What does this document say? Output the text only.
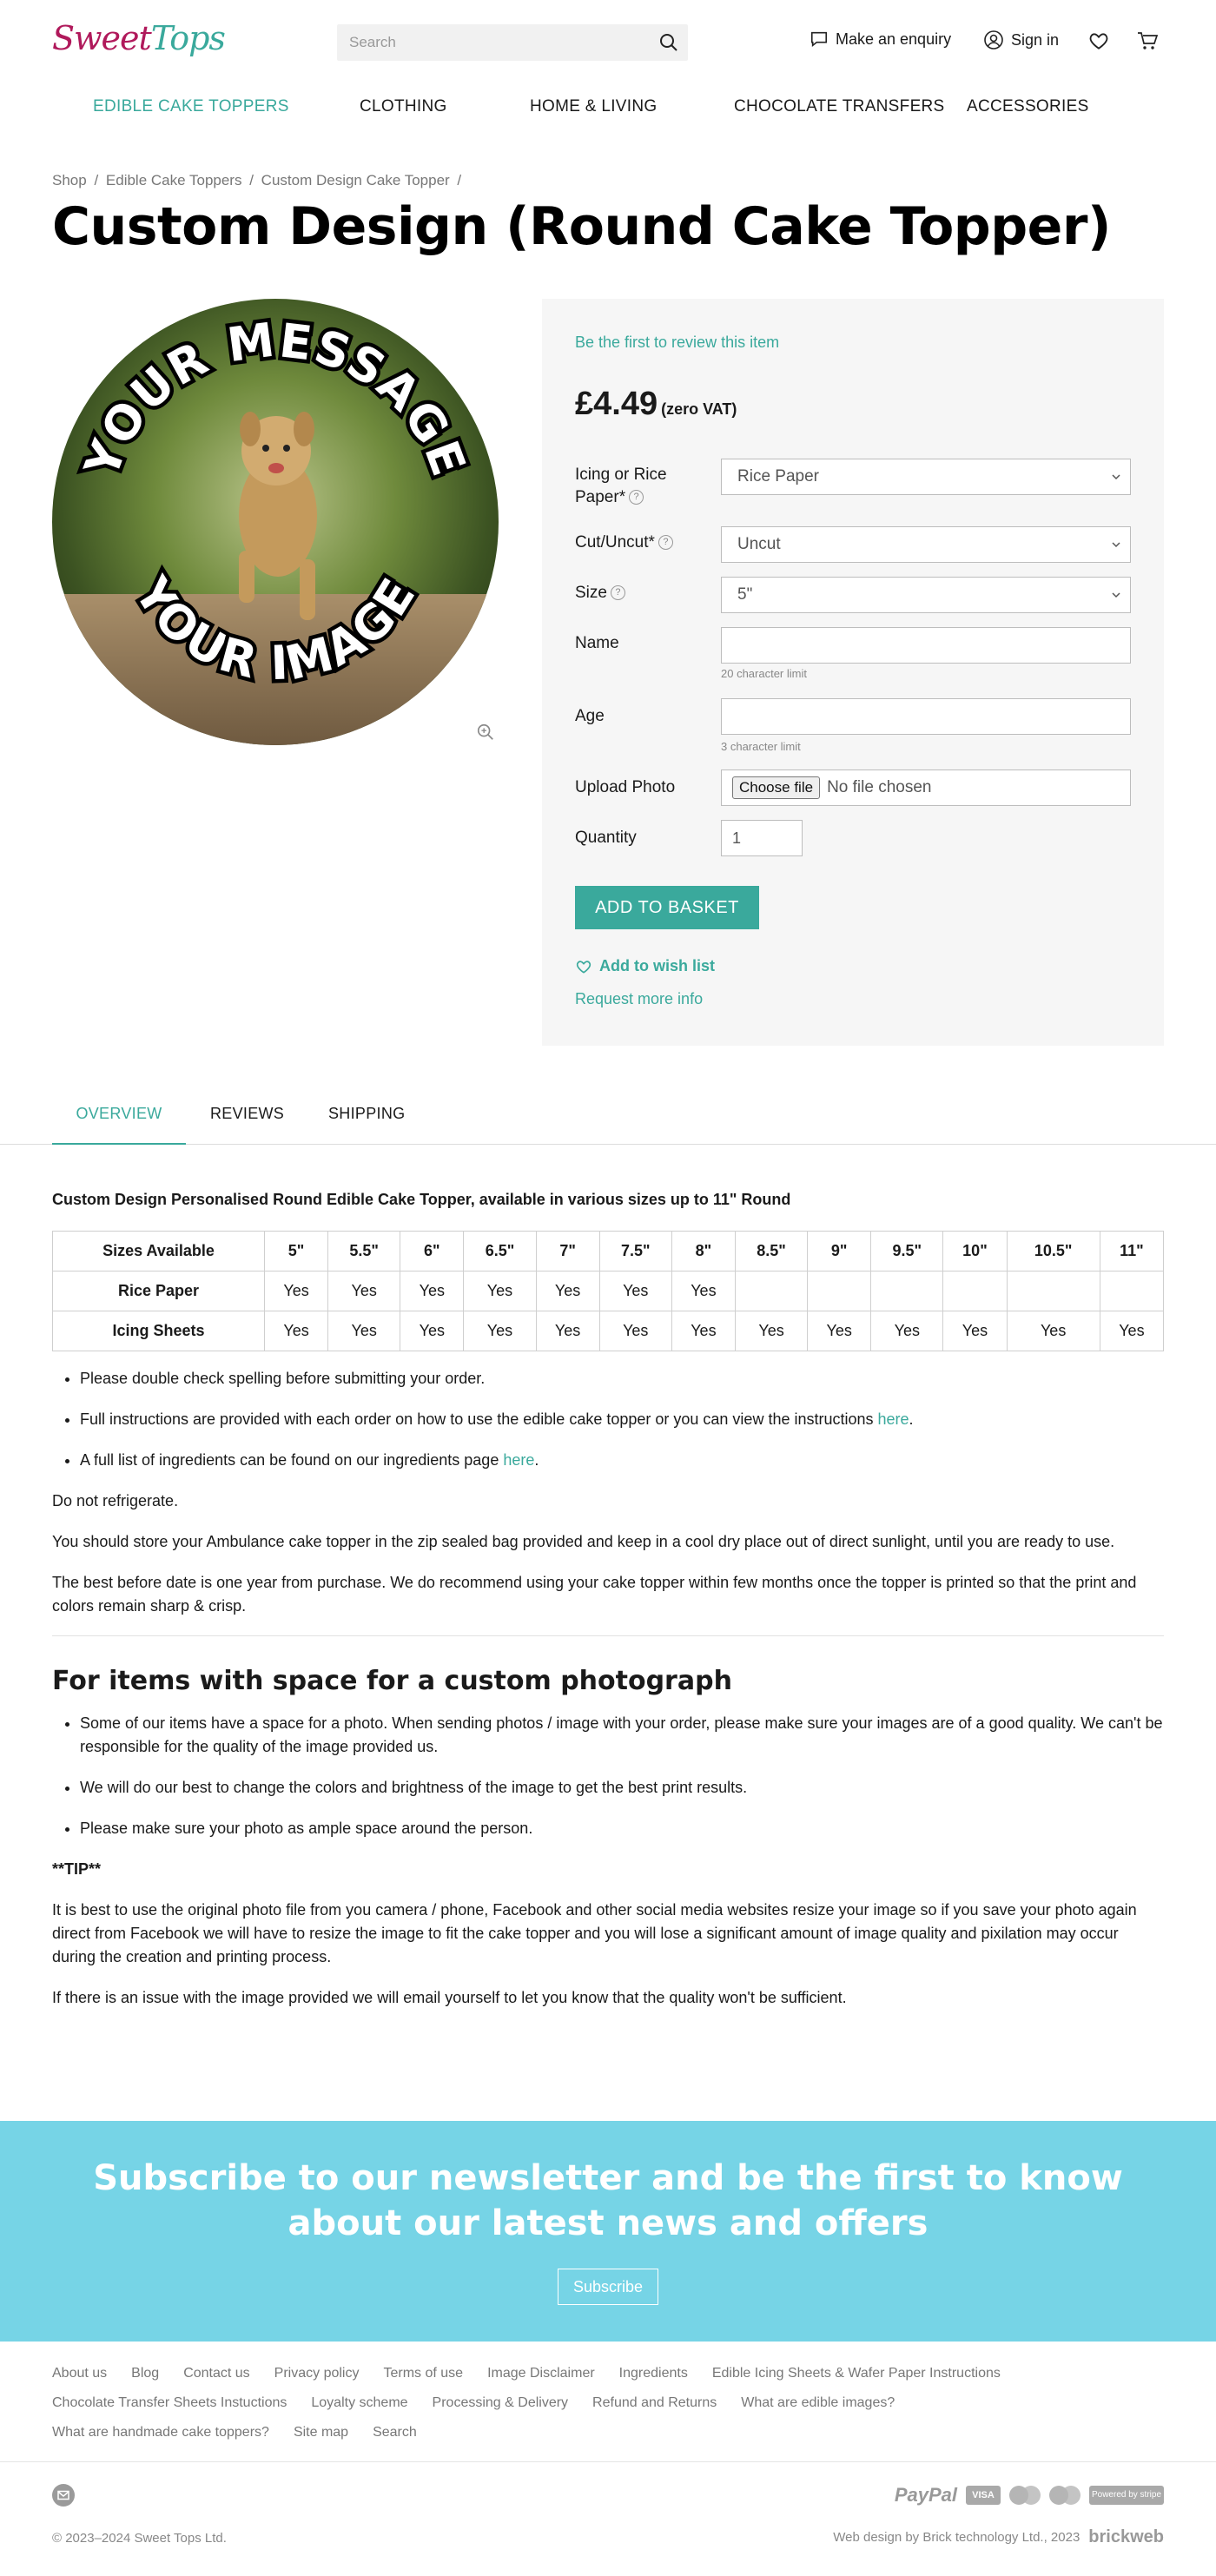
SweetTops
Search	Make an enquiry	Sign in
EDIBLE CAKE TOPPERS	CLOTHING	HOME & LIVING	CHOCOLATE TRANSFERS ACCESSORIES
Shop / Edible Cake Toppers / Custom Design Cake Topper /
Custom Design (Round Cake Topper)
YOUR MESSAGE
YOUR IMAGE
Be the first to review this item
£4.49 (zero VAT)
Icing or Rice Paper* ?
Rice Paper
Cut/Uncut* ?	Uncut
Size ?	5"
Name
20 character limit
Age
3 character limit
Upload Photo	Choose file No file chosen
Quantity	1
ADD TO BASKET
Add to wish list
Request more info
OVERVIEW	REVIEWS	SHIPPING
Custom Design Personalised Round Edible Cake Topper, available in various sizes up to 11" Round
Sizes Available	5"	5.5"	6"	6.5"	7"	7.5"	8"	8.5"	9"	9.5"	10"	10.5"	11"
Rice Paper	Yes	Yes	Yes	Yes	Yes	Yes	Yes						
Icing Sheets	Yes	Yes	Yes	Yes	Yes	Yes	Yes	Yes	Yes	Yes	Yes	Yes	Yes
• Please double check spelling before submitting your order.
• Full instructions are provided with each order on how to use the edible cake topper or you can view the instructions here.
• A full list of ingredients can be found on our ingredients page here.

Do not refrigerate.

You should store your Ambulance cake topper in the zip sealed bag provided and keep in a cool dry place out of direct sunlight, until you are ready to use.

The best before date is one year from purchase. We do recommend using your cake topper within few months once the topper is printed so that the print and colors remain sharp & crisp.

For items with space for a custom photograph
• Some of our items have a space for a photo. When sending photos / image with your order, please make sure your images are of a good quality. We can't be responsible for the quality of the image provided us.
• We will do our best to change the colors and brightness of the image to get the best print results.
• Please make sure your photo as ample space around the person.

**TIP**

It is best to use the original photo file from you camera / phone, Facebook and other social media websites resize your image so if you save your photo again direct from Facebook we will have to resize the image to fit the cake topper and you will lose a significant amount of image quality and pixilation may occur during the creation and printing process.

If there is an issue with the image provided we will email yourself to let you know that the quality won't be sufficient.

Subscribe to our newsletter and be the first to know about our latest news and offers
Subscribe
About us Blog Contact us Privacy policy Terms of use Image Disclaimer Ingredients Edible Icing Sheets & Wafer Paper Instructions
Chocolate Transfer Sheets Instuctions Loyalty scheme Processing & Delivery Refund and Returns What are edible images?
What are handmade cake toppers? Site map Search
PayPal	VISA	Powered by stripe
© 2023–2024 Sweet Tops Ltd.	Web design by Brick technology Ltd., 2023 brickweb
